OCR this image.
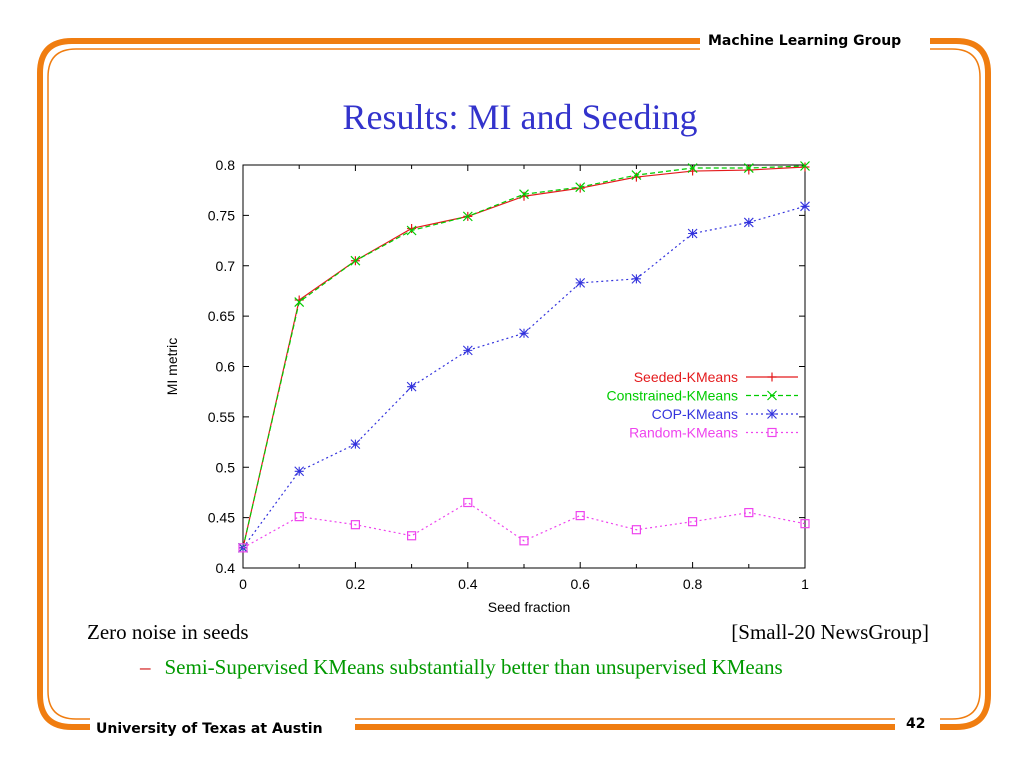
Machine Learning Group
University of Texas at Austin	42
Results: MI and Seeding
0.4
0.45
0.5
0.55
0.6
0.65
0.7
0.75
0.8
0	0.2	0.4	0.6	0.8	1
Seed fraction
MI metric	Seeded-KMeans
Constrained-KMeans
COP-KMeans
Random-KMeans
Zero noise in seeds	[Small-20 NewsGroup]
– Semi-Supervised KMeans substantially better than unsupervised KMeans
